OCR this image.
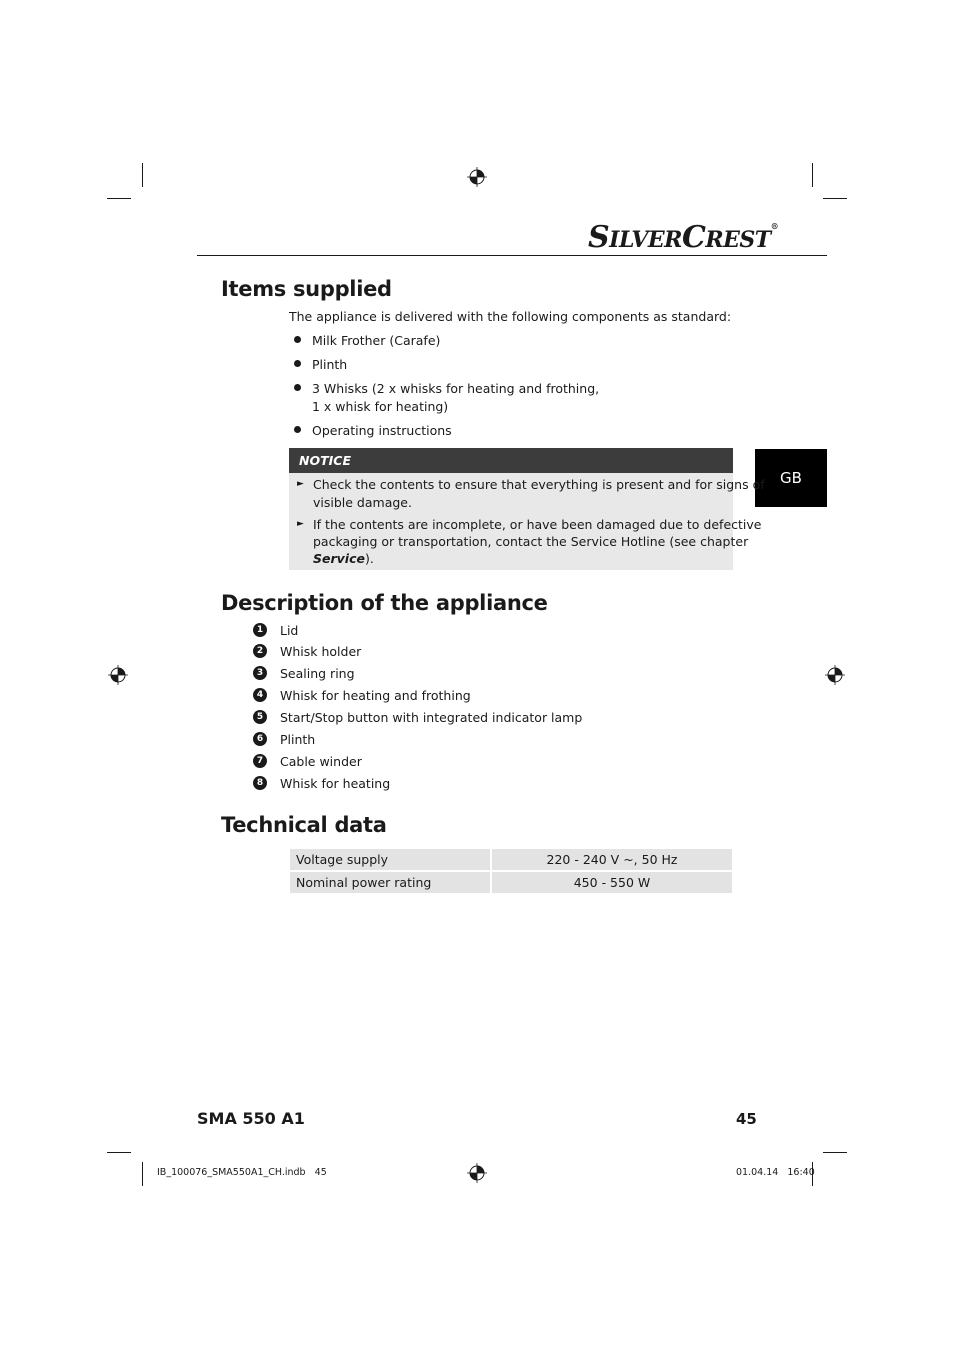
SILVERCREST®
GB
Items supplied
The appliance is delivered with the following components as standard:
Milk Frother (Carafe)
Plinth
3 Whisks (2 x whisks for heating and frothing,
1 x whisk for heating)
Operating instructions
NOTICE
► Check the contents to ensure that everything is present and for signs of
visible damage.
► If the contents are incomplete, or have been damaged due to defective
packaging or transportation, contact the Service Hotline (see chapter
Service).
Description of the appliance
1	Lid
2	Whisk holder
3	Sealing ring
4	Whisk for heating and frothing
5	Start/Stop button with integrated indicator lamp
6	Plinth
7	Cable winder
8	Whisk for heating
Technical data
Voltage supply		220 - 240 V ~, 50 Hz
Nominal power rating		450 - 550 W
SMA 550 A1	45
IB_100076_SMA550A1_CH.indb   45	01.04.14   16:40
